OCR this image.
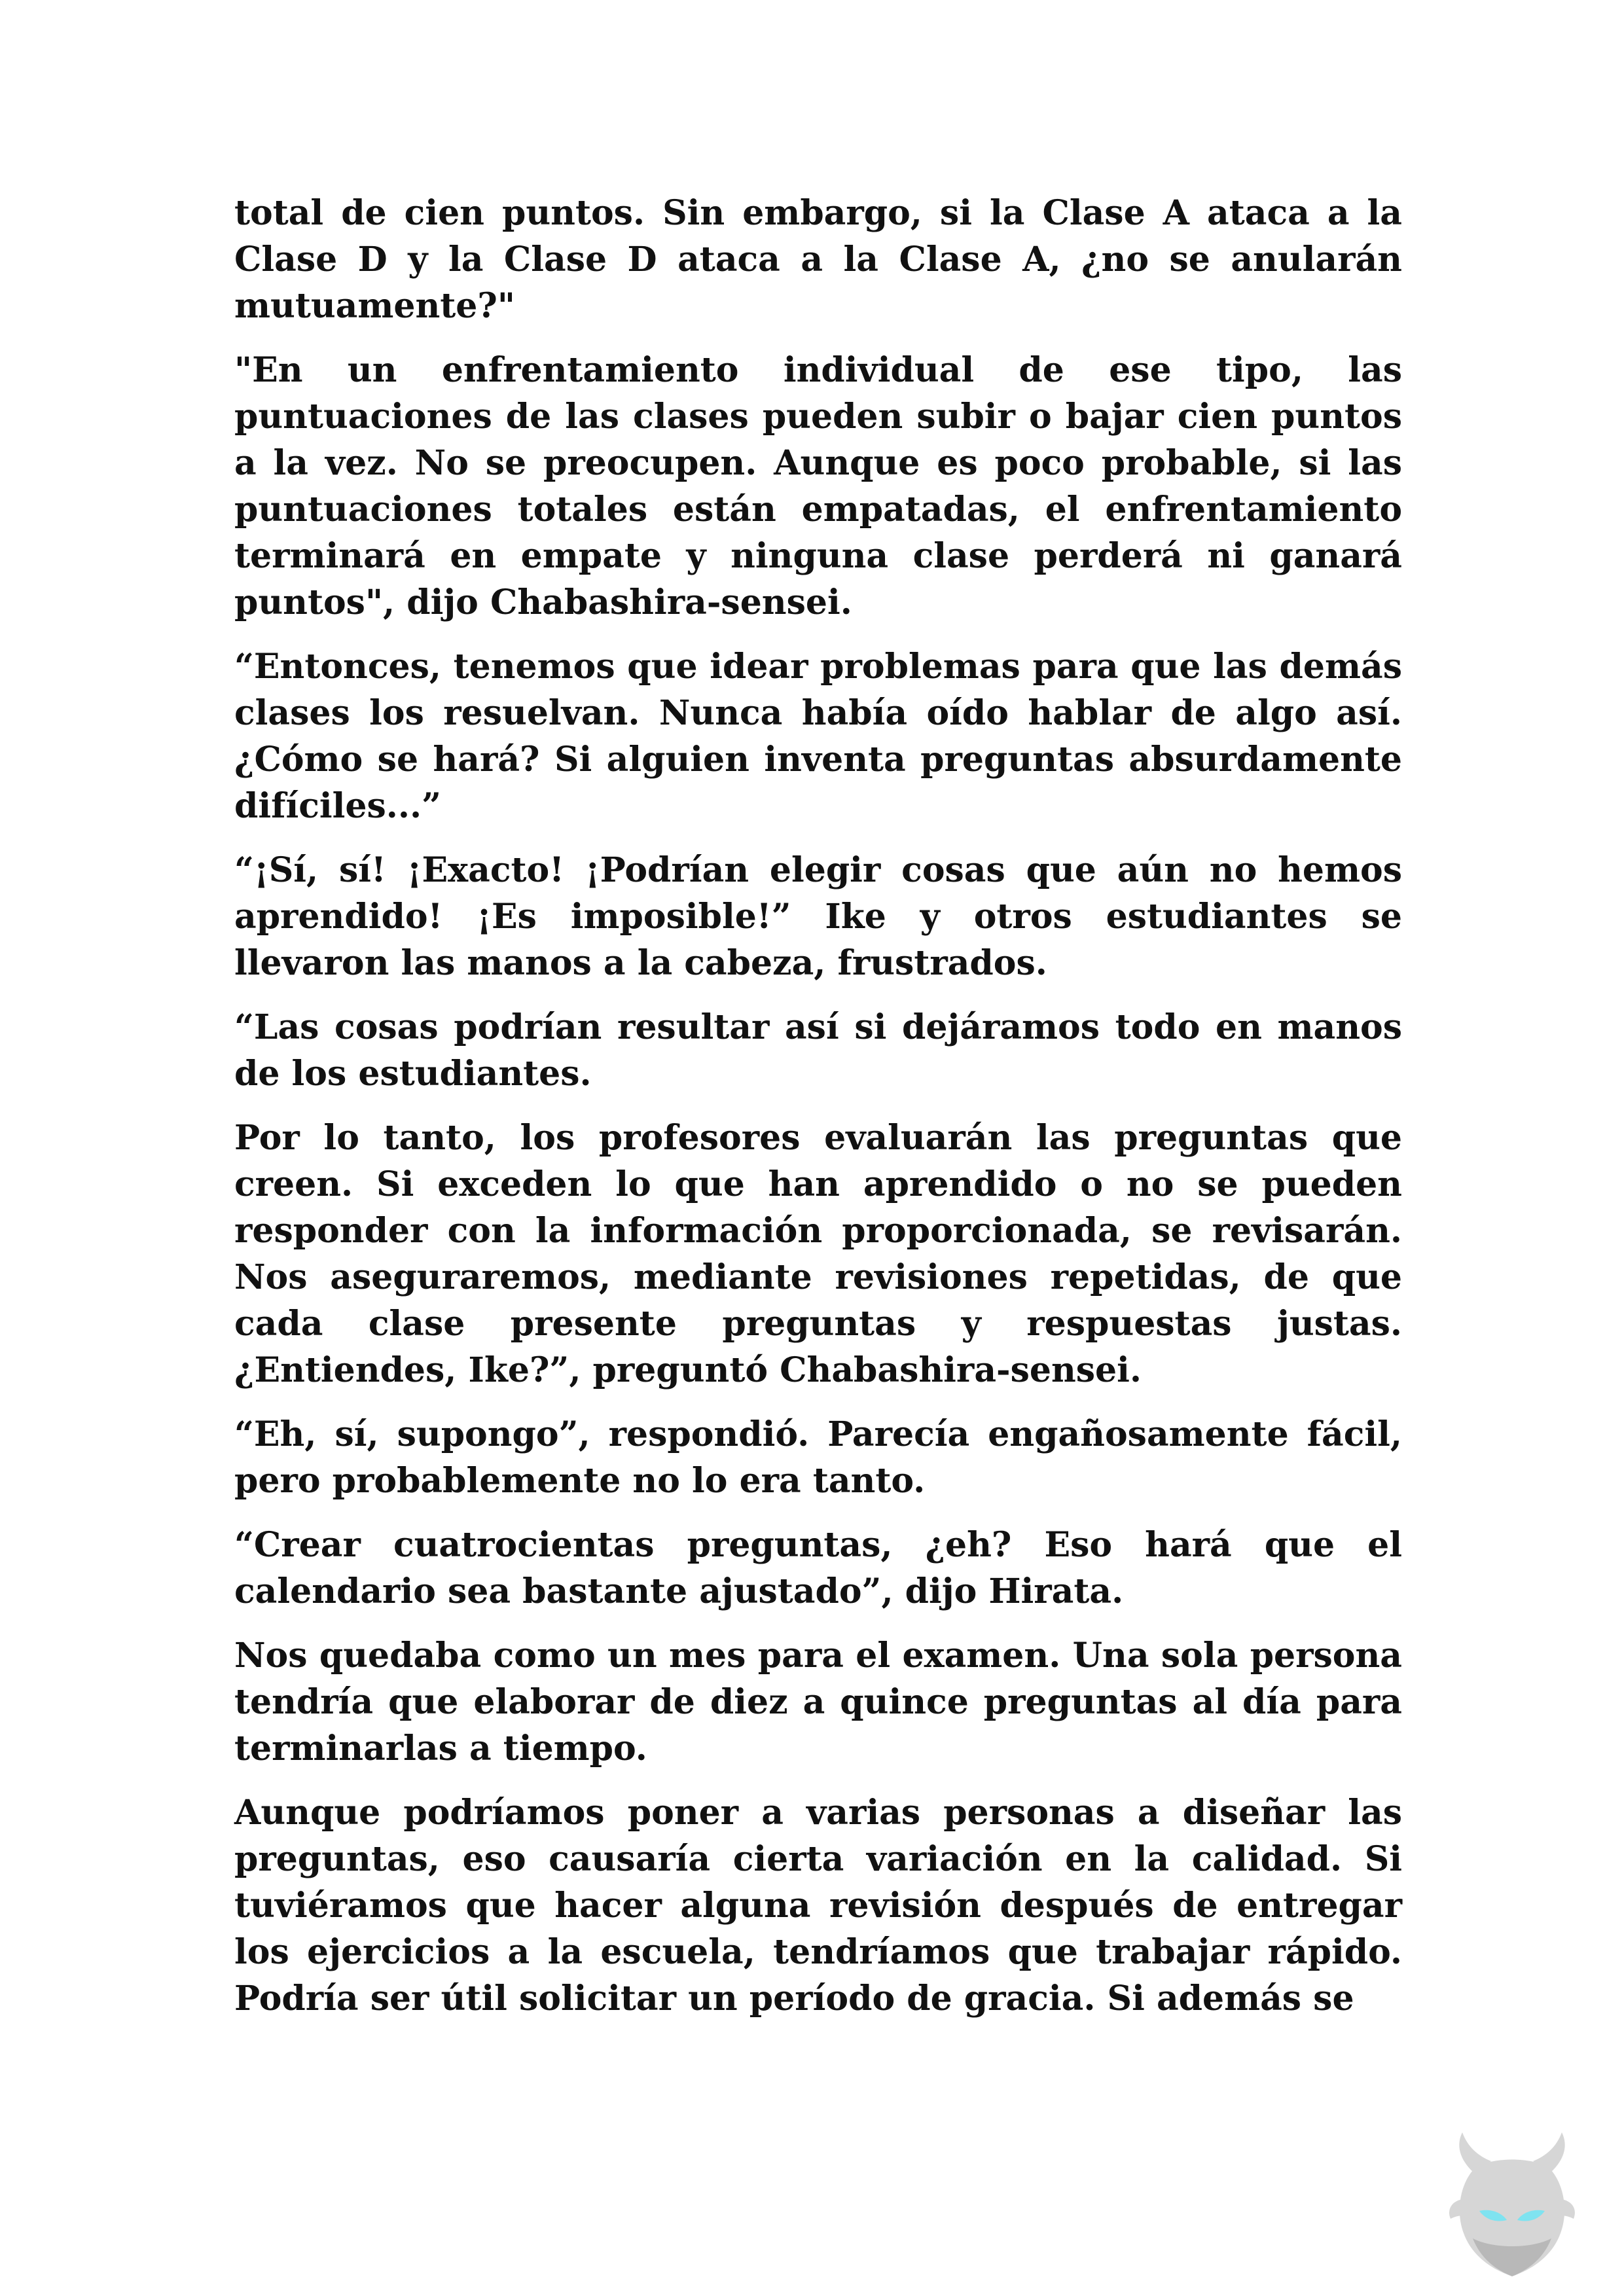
total de cien puntos. Sin embargo, si la Clase A ataca a la Clase D y la Clase D ataca a la Clase A, ¿no se anularán mutuamente?"

"En un enfrentamiento individual de ese tipo, las puntuaciones de las clases pueden subir o bajar cien puntos a la vez. No se preocupen. Aunque es poco probable, si las puntuaciones totales están empatadas, el enfrentamiento terminará en empate y ninguna clase perderá ni ganará puntos", dijo Chabashira-sensei.

“Entonces, tenemos que idear problemas para que las demás clases los resuelvan. Nunca había oído hablar de algo así. ¿Cómo se hará? Si alguien inventa preguntas absurdamente difíciles...”

“¡Sí, sí! ¡Exacto! ¡Podrían elegir cosas que aún no hemos aprendido! ¡Es imposible!” Ike y otros estudiantes se llevaron las manos a la cabeza, frustrados.

“Las cosas podrían resultar así si dejáramos todo en manos de los estudiantes.

Por lo tanto, los profesores evaluarán las preguntas que creen. Si exceden lo que han aprendido o no se pueden responder con la información proporcionada, se revisarán. Nos aseguraremos, mediante revisiones repetidas, de que cada clase presente preguntas y respuestas justas. ¿Entiendes, Ike?”, preguntó Chabashira-sensei.

“Eh, sí, supongo”, respondió. Parecía engañosamente fácil, pero probablemente no lo era tanto.

“Crear cuatrocientas preguntas, ¿eh? Eso hará que el calendario sea bastante ajustado”, dijo Hirata.

Nos quedaba como un mes para el examen. Una sola persona tendría que elaborar de diez a quince preguntas al día para terminarlas a tiempo.

Aunque podríamos poner a varias personas a diseñar las preguntas, eso causaría cierta variación en la calidad. Si tuviéramos que hacer alguna revisión después de entregar los ejercicios a la escuela, tendríamos que trabajar rápido. Podría ser útil solicitar un período de gracia. Si además se
